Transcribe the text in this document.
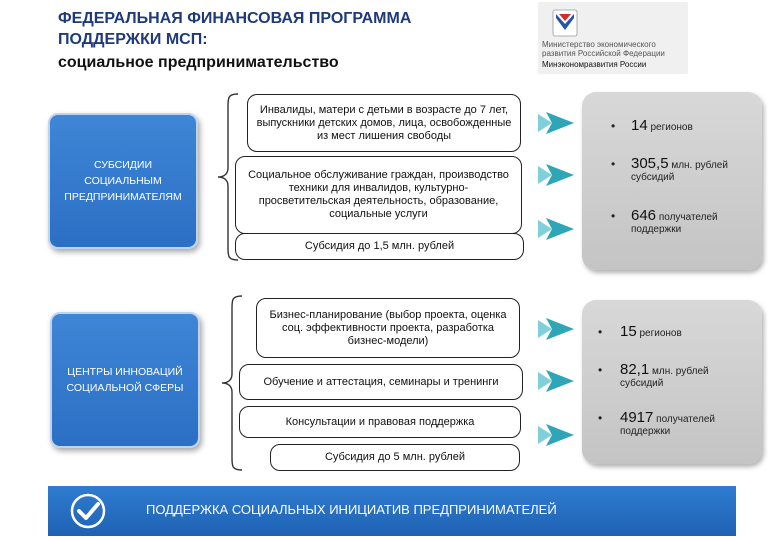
ФЕДЕРАЛЬНАЯ ФИНАНСОВАЯ ПРОГРАММА
ПОДДЕРЖКИ МСП:
социальное предпринимательство
Министерство экономического
развития Российской Федерации
Минэкономразвития России
СУБСИДИИ СОЦИАЛЬНЫМ ПРЕДПРИНИМАТЕЛЯМ
Инвалиды, матери с детьми в возрасте до 7 лет, выпускники детских домов, лица, освобожденные из мест лишения свободы
Социальное обслуживание граждан, производство техники для инвалидов, культурно-просветительская деятельность, образование, социальные услуги
Субсидия до 1,5 млн. рублей
ЦЕНТРЫ ИННОВАЦИЙ СОЦИАЛЬНОЙ СФЕРЫ
Бизнес-планирование (выбор проекта, оценка соц. эффективности проекта, разработка бизнес-модели)
Обучение и аттестация, семинары и тренинги
Консультации и правовая поддержка
Субсидия до 5 млн. рублей
• 14 регионов
• 305,5 млн. рублей
субсидий
• 646 получателей
поддержки
• 15 регионов
• 82,1 млн. рублей
субсидий
• 4917 получателей
поддержки
ПОДДЕРЖКА СОЦИАЛЬНЫХ ИНИЦИАТИВ ПРЕДПРИНИМАТЕЛЕЙ
